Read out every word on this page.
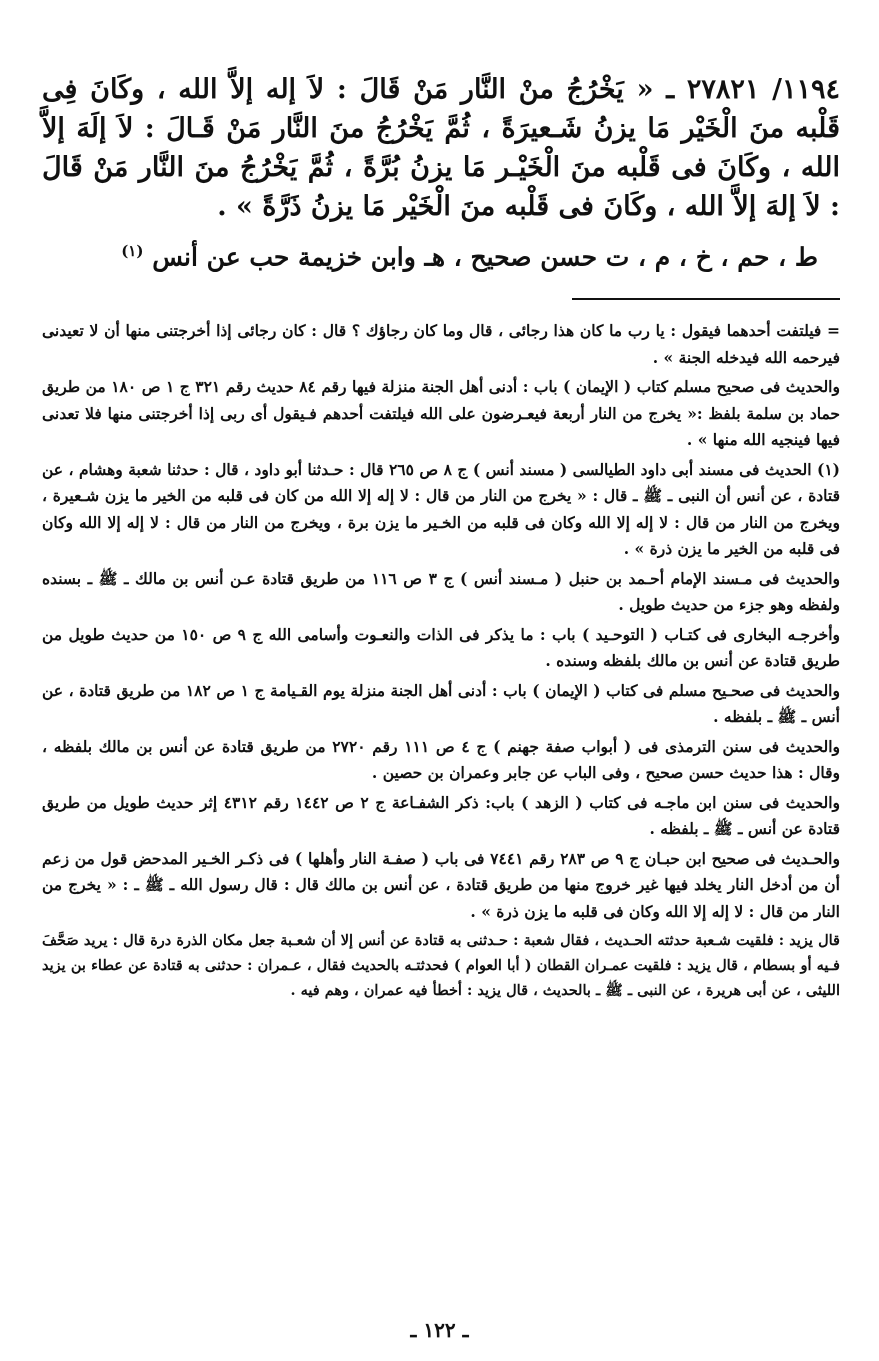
١١٩٤/ ٢٧٨٢١ ـ « يَخْرُجُ منْ النَّار مَنْ قَالَ : لاَ إله إلاَّ الله ، وكَانَ فِى قَلْبه منَ الْخَيْر مَا يزنُ شَـعيرَةً ، ثُمَّ يَخْرُجُ منَ النَّار مَنْ قَـالَ : لاَ إلَهَ إلاَّ الله ، وكَانَ فى قَلْبه منَ الْخَيْـر مَا يزنُ بُرَّةً ، ثُمَّ يَخْرُجُ منَ النَّار مَنْ قَالَ : لاَ إلهَ إلاَّ الله ، وكَانَ فى قَلْبه منَ الْخَيْر مَا يزنُ ذَرَّةً » .

ط ، حم ، خ ، م ، ت حسن صحيح ، هـ وابن خزيمة حب عن أنس $^{(١)}$

= فيلتفت أحدهما فيقول : يا رب ما كان هذا رجائى ، قال وما كان رجاؤك ؟ قال : كان رجائى إذا أخرجتنى منها أن لا تعيدنى فيرحمه الله فيدخله الجنة » .

والحديث فى صحيح مسلم كتاب ( الإيمان ) باب : أدنى أهل الجنة منزلة فيها رقم ٨٤ حديث رقم ٣٢١ ج ١ ص ١٨٠ من طريق حماد بن سلمة بلفظ :« يخرج من النار أربعة فيعـرضون على الله فيلتفت أحدهم فـيقول أى ربى إذا أخرجتنى منها فلا تعدنى فيها فينجيه الله منها » .

(١) الحديث فى مسند أبى داود الطيالسى ( مسند أنس ) ج ٨ ص ٢٦٥ قال : حـدثنا أبو داود ، قال : حدثنا شعبة وهشام ، عن قتادة ، عن أنس أن النبى ـ ﷺ ـ قال : « يخرج من النار من قال : لا إله إلا الله من كان فى قلبه من الخير ما يزن شـعيرة ، ويخرج من النار من قال : لا إله إلا الله وكان فى قلبه من الخـير ما يزن برة ، ويخرج من النار من قال : لا إله إلا الله وكان فى قلبه من الخير ما يزن ذرة » .

والحديث فى مـسند الإمام أحـمد بن حنبل ( مـسند أنس ) ج ٣ ص ١١٦ من طريق قتادة عـن أنس بن مالك ـ ﷺ ـ بسنده ولفظه وهو جزء من حديث طويل .

وأخرجـه البخارى فى كتـاب ( التوحـيد ) باب : ما يذكر فى الذات والنعـوت وأسامى الله ج ٩ ص ١٥٠ من حديث طويل من طريق قتادة عن أنس بن مالك بلفظه وسنده .

والحديث فى صحـيح مسلم فى كتاب ( الإيمان ) باب : أدنى أهل الجنة منزلة يوم القـيامة ج ١ ص ١٨٢ من طريق قتادة ، عن أنس ـ ﷺ ـ بلفظه .

والحديث فى سنن الترمذى فى ( أبواب صفة جهنم ) ج ٤ ص ١١١ رقم ٢٧٢٠ من طريق قتادة عن أنس بن مالك بلفظه ، وقال : هذا حديث حسن صحيح ، وفى الباب عن جابر وعمران بن حصين .

والحديث فى سنن ابن ماجـه فى كتاب ( الزهد ) باب: ذكر الشفـاعة ج ٢ ص ١٤٤٢ رقم ٤٣١٢ إثر حديث طويل من طريق قتادة عن أنس ـ ﷺ ـ بلفظه .

والحـديث فى صحيح ابن حبـان ج ٩ ص ٢٨٣ رقم ٧٤٤١ فى باب ( صفـة النار وأهلها ) فى ذكـر الخـير المدحض قول من زعم أن من أدخل النار يخلد فيها غير خروج منها من طريق قتادة ، عن أنس بن مالك قال : قال رسول الله ـ ﷺ ـ : « يخرج من النار من قال : لا إله إلا الله وكان فى قلبه ما يزن ذرة » .

قال يزيد : فلقيت شـعبة حدثته الحـديث ، فقال شعبة : حـدثنى به قتادة عن أنس إلا أن شعـبة جعل مكان الذرة درة قال : يريد صَحَّفَ فـيه أو بسطام ، قال يزيد : فلقيت عمـران القطان ( أبا العوام ) فحدثتـه بالحديث فقال ، عـمران : حدثنى به قتادة عن عطاء بن يزيد الليثى ، عن أبى هريرة ، عن النبى ـ ﷺ ـ بالحديث ، قال يزيد : أخطأ فيه عمران ، وهم فيه .

ـ ١٢٢ ـ
